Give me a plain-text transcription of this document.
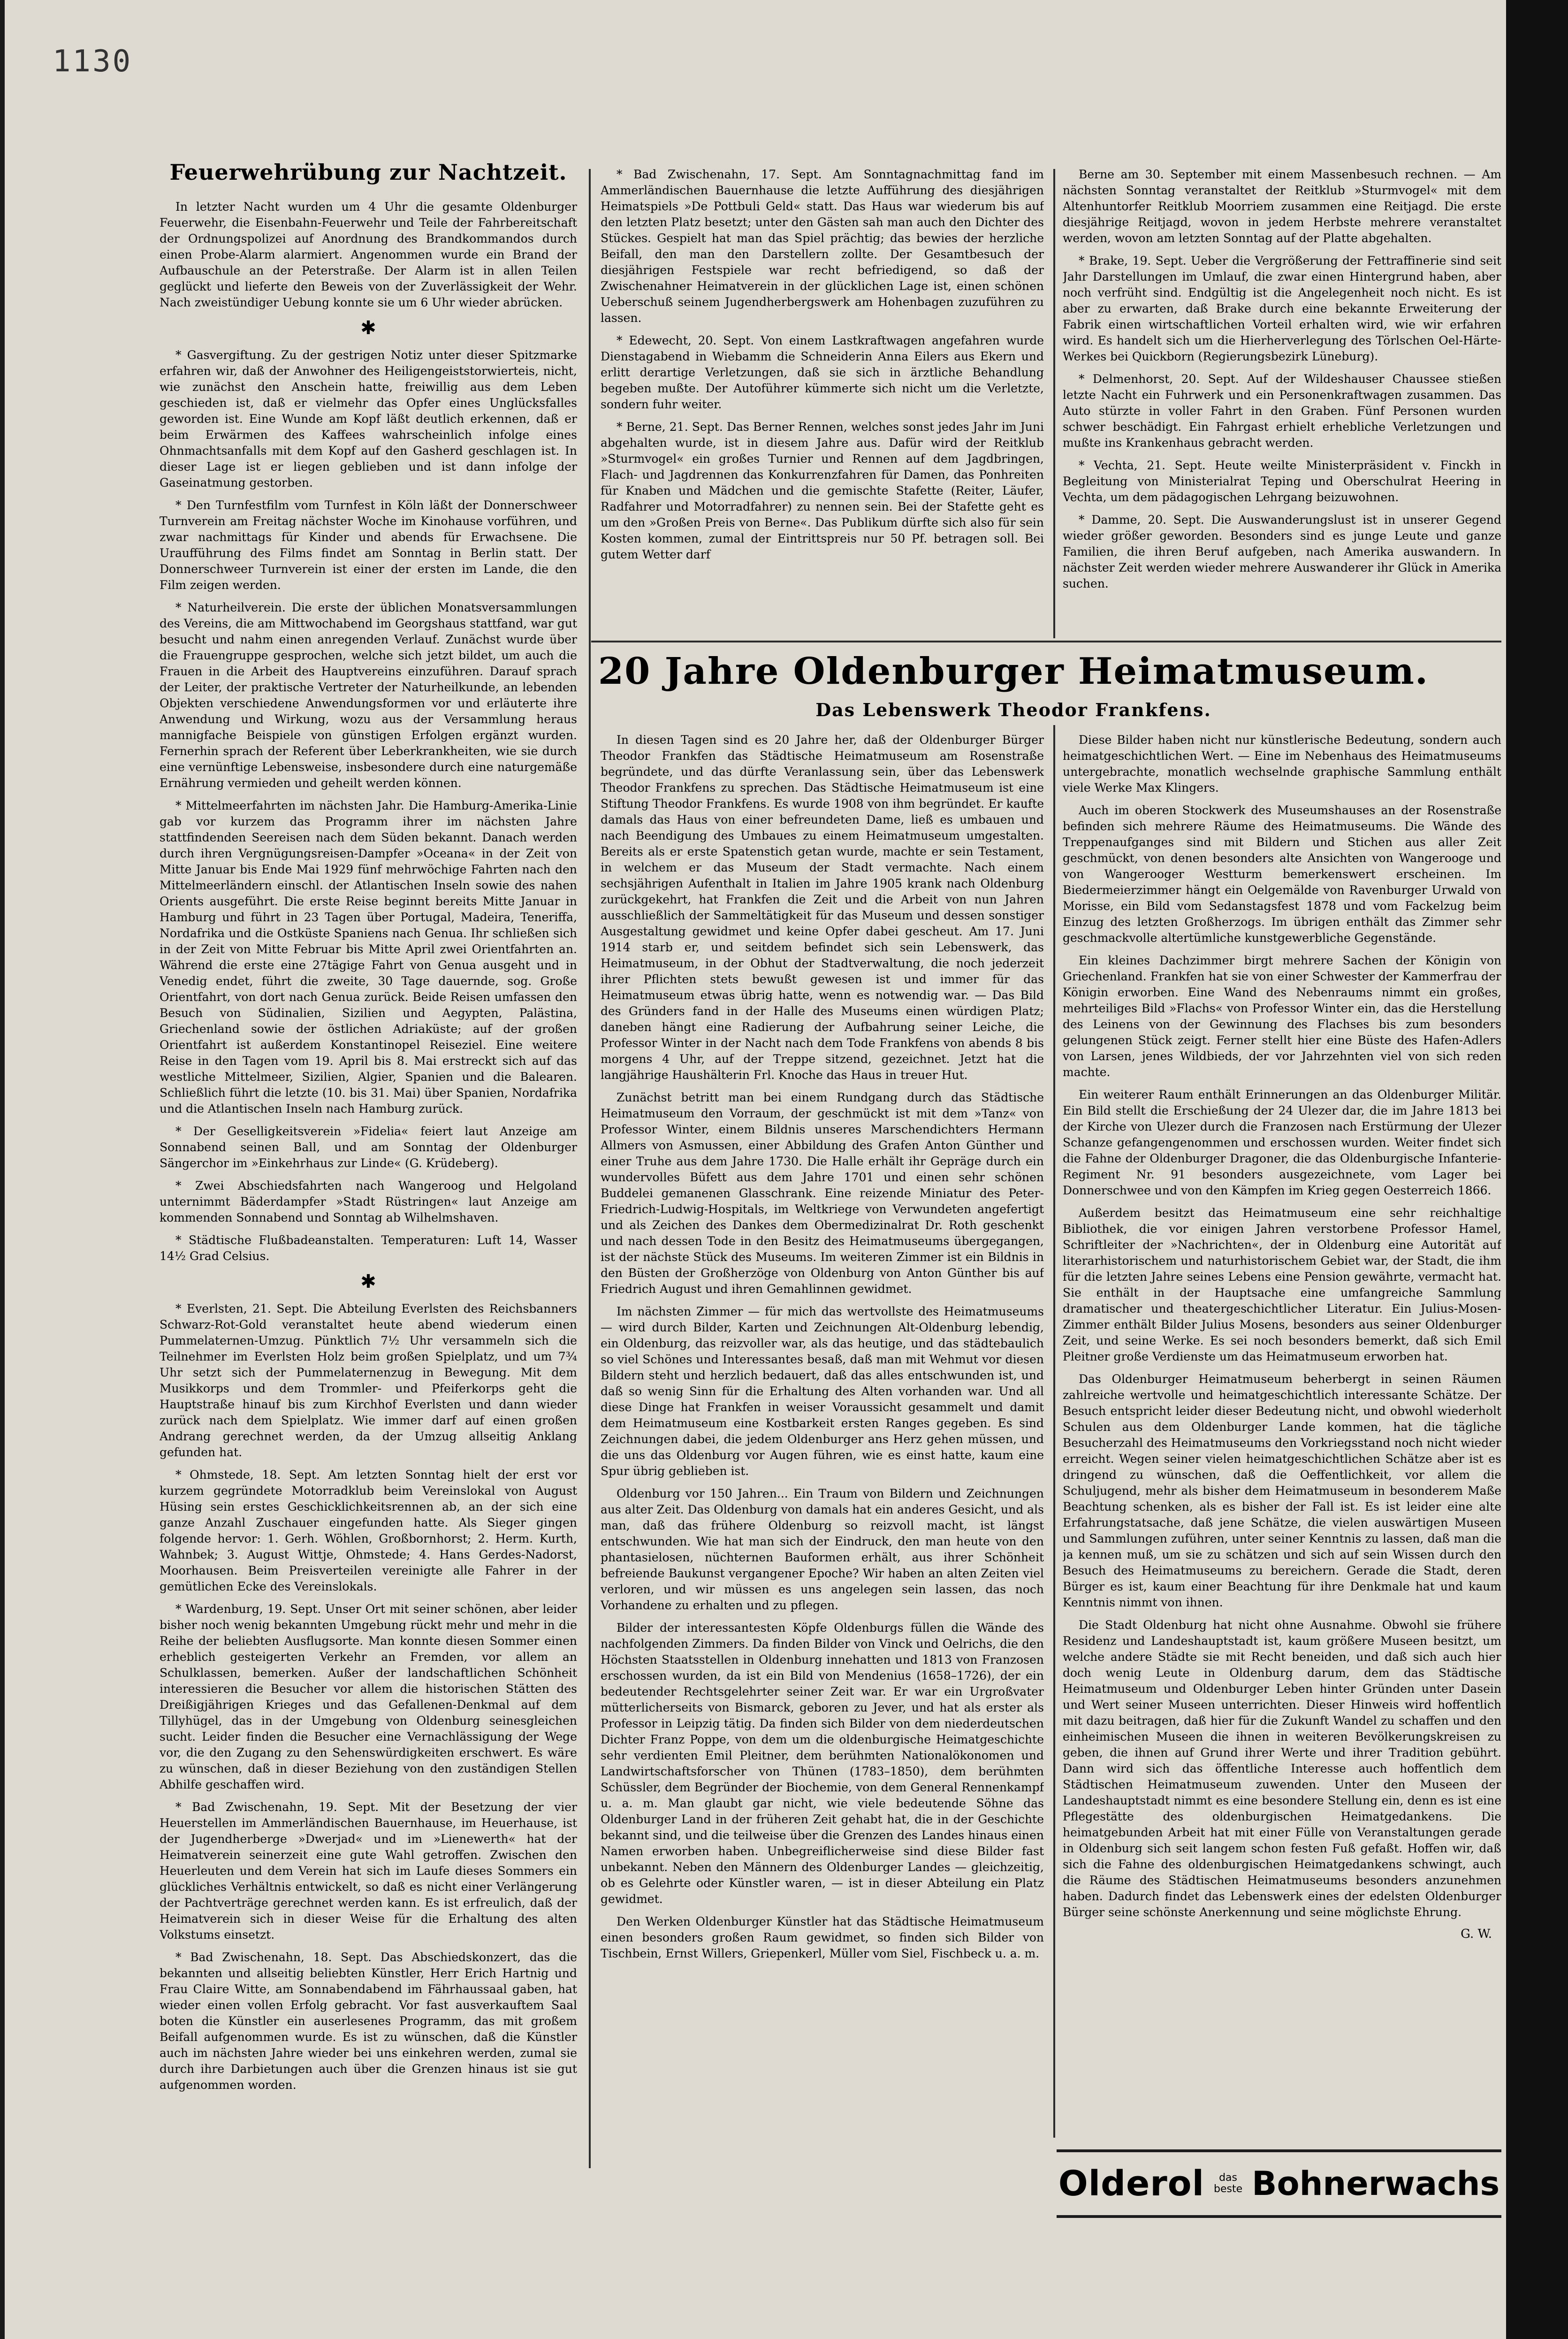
1130
Feuerwehrübung zur Nachtzeit.

In letzter Nacht wurden um 4 Uhr die gesamte Oldenburger Feuerwehr, die Eisenbahn-Feuerwehr und Teile der Fahrbereitschaft der Ordnungspolizei auf Anordnung des Brandkommandos durch einen Probe-Alarm alarmiert. Angenommen wurde ein Brand der Aufbauschule an der Peterstraße. Der Alarm ist in allen Teilen geglückt und lieferte den Beweis von der Zuverlässigkeit der Wehr. Nach zweistündiger Uebung konnte sie um 6 Uhr wieder abrücken.

✱

* Gasvergiftung. Zu der gestrigen Notiz unter dieser Spitzmarke erfahren wir, daß der Anwohner des Heiligengeiststorwierteis, nicht, wie zunächst den Anschein hatte, freiwillig aus dem Leben geschieden ist, daß er vielmehr das Opfer eines Unglücksfalles geworden ist. Eine Wunde am Kopf läßt deutlich erkennen, daß er beim Erwärmen des Kaffees wahrscheinlich infolge eines Ohnmachtsanfalls mit dem Kopf auf den Gasherd geschlagen ist. In dieser Lage ist er liegen geblieben und ist dann infolge der Gaseinatmung gestorben.

* Den Turnfestfilm vom Turnfest in Köln läßt der Donnerschweer Turnverein am Freitag nächster Woche im Kinohause vorführen, und zwar nachmittags für Kinder und abends für Erwachsene. Die Uraufführung des Films findet am Sonntag in Berlin statt. Der Donnerschweer Turnverein ist einer der ersten im Lande, die den Film zeigen werden.

* Naturheilverein. Die erste der üblichen Monatsversammlungen des Vereins, die am Mittwochabend im Georgshaus stattfand, war gut besucht und nahm einen anregenden Verlauf. Zunächst wurde über die Frauengruppe gesprochen, welche sich jetzt bildet, um auch die Frauen in die Arbeit des Hauptvereins einzuführen. Darauf sprach der Leiter, der praktische Vertreter der Naturheilkunde, an lebenden Objekten verschiedene Anwendungsformen vor und erläuterte ihre Anwendung und Wirkung, wozu aus der Versammlung heraus mannigfache Beispiele von günstigen Erfolgen ergänzt wurden. Fernerhin sprach der Referent über Leberkrankheiten, wie sie durch eine vernünftige Lebensweise, insbesondere durch eine naturgemäße Ernährung vermieden und geheilt werden können.

* Mittelmeerfahrten im nächsten Jahr. Die Hamburg-Amerika-Linie gab vor kurzem das Programm ihrer im nächsten Jahre stattfindenden Seereisen nach dem Süden bekannt. Danach werden durch ihren Vergnügungsreisen-Dampfer »Oceana« in der Zeit von Mitte Januar bis Ende Mai 1929 fünf mehrwöchige Fahrten nach den Mittelmeerländern einschl. der Atlantischen Inseln sowie des nahen Orients ausgeführt. Die erste Reise beginnt bereits Mitte Januar in Hamburg und führt in 23 Tagen über Portugal, Madeira, Teneriffa, Nordafrika und die Ostküste Spaniens nach Genua. Ihr schließen sich in der Zeit von Mitte Februar bis Mitte April zwei Orientfahrten an. Während die erste eine 27tägige Fahrt von Genua ausgeht und in Venedig endet, führt die zweite, 30 Tage dauernde, sog. Große Orientfahrt, von dort nach Genua zurück. Beide Reisen umfassen den Besuch von Südinalien, Sizilien und Aegypten, Palästina, Griechenland sowie der östlichen Adriaküste; auf der großen Orientfahrt ist außerdem Konstantinopel Reiseziel. Eine weitere Reise in den Tagen vom 19. April bis 8. Mai erstreckt sich auf das westliche Mittelmeer, Sizilien, Algier, Spanien und die Balearen. Schließlich führt die letzte (10. bis 31. Mai) über Spanien, Nordafrika und die Atlantischen Inseln nach Hamburg zurück.

* Der Geselligkeitsverein »Fidelia« feiert laut Anzeige am Sonnabend seinen Ball, und am Sonntag der Oldenburger Sängerchor im »Einkehrhaus zur Linde« (G. Krüdeberg).

* Zwei Abschiedsfahrten nach Wangeroog und Helgoland unternimmt Bäderdampfer »Stadt Rüstringen« laut Anzeige am kommenden Sonnabend und Sonntag ab Wilhelmshaven.

* Städtische Flußbadeanstalten. Temperaturen: Luft 14, Wasser 14½ Grad Celsius.

✱

* Everlsten, 21. Sept. Die Abteilung Everlsten des Reichsbanners Schwarz-Rot-Gold veranstaltet heute abend wiederum einen Pummelaternen-Umzug. Pünktlich 7½ Uhr versammeln sich die Teilnehmer im Everlsten Holz beim großen Spielplatz, und um 7¾ Uhr setzt sich der Pummelaternenzug in Bewegung. Mit dem Musikkorps und dem Trommler- und Pfeiferkorps geht die Hauptstraße hinauf bis zum Kirchhof Everlsten und dann wieder zurück nach dem Spielplatz. Wie immer darf auf einen großen Andrang gerechnet werden, da der Umzug allseitig Anklang gefunden hat.

* Ohmstede, 18. Sept. Am letzten Sonntag hielt der erst vor kurzem gegründete Motorradklub beim Vereinslokal von August Hüsing sein erstes Geschicklichkeitsrennen ab, an der sich eine ganze Anzahl Zuschauer eingefunden hatte. Als Sieger gingen folgende hervor: 1. Gerh. Wöhlen, Großbornhorst; 2. Herm. Kurth, Wahnbek; 3. August Wittje, Ohmstede; 4. Hans Gerdes-Nadorst, Moorhausen. Beim Preisverteilen vereinigte alle Fahrer in der gemütlichen Ecke des Vereinslokals.

* Wardenburg, 19. Sept. Unser Ort mit seiner schönen, aber leider bisher noch wenig bekannten Umgebung rückt mehr und mehr in die Reihe der beliebten Ausflugsorte. Man konnte diesen Sommer einen erheblich gesteigerten Verkehr an Fremden, vor allem an Schulklassen, bemerken. Außer der landschaftlichen Schönheit interessieren die Besucher vor allem die historischen Stätten des Dreißigjährigen Krieges und das Gefallenen-Denkmal auf dem Tillyhügel, das in der Umgebung von Oldenburg seinesgleichen sucht. Leider finden die Besucher eine Vernachlässigung der Wege vor, die den Zugang zu den Sehenswürdigkeiten erschwert. Es wäre zu wünschen, daß in dieser Beziehung von den zuständigen Stellen Abhilfe geschaffen wird.

* Bad Zwischenahn, 19. Sept. Mit der Besetzung der vier Heuerstellen im Ammerländischen Bauernhause, im Heuerhause, ist der Jugendherberge »Dwerjad« und im »Lienewerth« hat der Heimatverein seinerzeit eine gute Wahl getroffen. Zwischen den Heuerleuten und dem Verein hat sich im Laufe dieses Sommers ein glückliches Verhältnis entwickelt, so daß es nicht einer Verlängerung der Pachtverträge gerechnet werden kann. Es ist erfreulich, daß der Heimatverein sich in dieser Weise für die Erhaltung des alten Volkstums einsetzt.

* Bad Zwischenahn, 18. Sept. Das Abschiedskonzert, das die bekannten und allseitig beliebten Künstler, Herr Erich Hartnig und Frau Claire Witte, am Sonnabendabend im Fährhaussaal gaben, hat wieder einen vollen Erfolg gebracht. Vor fast ausverkauftem Saal boten die Künstler ein auserlesenes Programm, das mit großem Beifall aufgenommen wurde. Es ist zu wünschen, daß die Künstler auch im nächsten Jahre wieder bei uns einkehren werden, zumal sie durch ihre Darbietungen auch über die Grenzen hinaus ist sie gut aufgenommen worden.

* Bad Zwischenahn, 17. Sept. Am Sonntagnachmittag fand im Ammerländischen Bauernhause die letzte Aufführung des diesjährigen Heimatspiels »De Pottbuli Geld« statt. Das Haus war wiederum bis auf den letzten Platz besetzt; unter den Gästen sah man auch den Dichter des Stückes. Gespielt hat man das Spiel prächtig; das bewies der herzliche Beifall, den man den Darstellern zollte. Der Gesamtbesuch der diesjährigen Festspiele war recht befriedigend, so daß der Zwischenahner Heimatverein in der glücklichen Lage ist, einen schönen Ueberschuß seinem Jugendherbergswerk am Hohenbagen zuzuführen zu lassen.

* Edewecht, 20. Sept. Von einem Lastkraftwagen angefahren wurde Dienstagabend in Wiebamm die Schneiderin Anna Eilers aus Ekern und erlitt derartige Verletzungen, daß sie sich in ärztliche Behandlung begeben mußte. Der Autoführer kümmerte sich nicht um die Verletzte, sondern fuhr weiter.

* Berne, 21. Sept. Das Berner Rennen, welches sonst jedes Jahr im Juni abgehalten wurde, ist in diesem Jahre aus. Dafür wird der Reitklub »Sturmvogel« ein großes Turnier und Rennen auf dem Jagdbringen, Flach- und Jagdrennen das Konkurrenzfahren für Damen, das Ponhreiten für Knaben und Mädchen und die gemischte Stafette (Reiter, Läufer, Radfahrer und Motorradfahrer) zu nennen sein. Bei der Stafette geht es um den »Großen Preis von Berne«. Das Publikum dürfte sich also für sein Kosten kommen, zumal der Eintrittspreis nur 50 Pf. betragen soll. Bei gutem Wetter darf

Berne am 30. September mit einem Massenbesuch rechnen. — Am nächsten Sonntag veranstaltet der Reitklub »Sturmvogel« mit dem Altenhuntorfer Reitklub Moorriem zusammen eine Reitjagd. Die erste diesjährige Reitjagd, wovon in jedem Herbste mehrere veranstaltet werden, wovon am letzten Sonntag auf der Platte abgehalten.

* Brake, 19. Sept. Ueber die Vergrößerung der Fettraffinerie sind seit Jahr Darstellungen im Umlauf, die zwar einen Hintergrund haben, aber noch verfrüht sind. Endgültig ist die Angelegenheit noch nicht. Es ist aber zu erwarten, daß Brake durch eine bekannte Erweiterung der Fabrik einen wirtschaftlichen Vorteil erhalten wird, wie wir erfahren wird. Es handelt sich um die Hierherverlegung des Törlschen Oel-Härte-Werkes bei Quickborn (Regierungsbezirk Lüneburg).

* Delmenhorst, 20. Sept. Auf der Wildeshauser Chaussee stießen letzte Nacht ein Fuhrwerk und ein Personenkraftwagen zusammen. Das Auto stürzte in voller Fahrt in den Graben. Fünf Personen wurden schwer beschädigt. Ein Fahrgast erhielt erhebliche Verletzungen und mußte ins Krankenhaus gebracht werden.

* Vechta, 21. Sept. Heute weilte Ministerpräsident v. Finckh in Begleitung von Ministerialrat Teping und Oberschulrat Heering in Vechta, um dem pädagogischen Lehrgang beizuwohnen.

* Damme, 20. Sept. Die Auswanderungslust ist in unserer Gegend wieder größer geworden. Besonders sind es junge Leute und ganze Familien, die ihren Beruf aufgeben, nach Amerika auswandern. In nächster Zeit werden wieder mehrere Auswanderer ihr Glück in Amerika suchen.

20 Jahre Oldenburger Heimatmuseum.
Das Lebenswerk Theodor Frankfens.

In diesen Tagen sind es 20 Jahre her, daß der Oldenburger Bürger Theodor Frankfen das Städtische Heimatmuseum am Rosenstraße begründete, und das dürfte Veranlassung sein, über das Lebenswerk Theodor Frankfens zu sprechen. Das Städtische Heimatmuseum ist eine Stiftung Theodor Frankfens. Es wurde 1908 von ihm begründet. Er kaufte damals das Haus von einer befreundeten Dame, ließ es umbauen und nach Beendigung des Umbaues zu einem Heimatmuseum umgestalten. Bereits als er erste Spatenstich getan wurde, machte er sein Testament, in welchem er das Museum der Stadt vermachte. Nach einem sechsjährigen Aufenthalt in Italien im Jahre 1905 krank nach Oldenburg zurückgekehrt, hat Frankfen die Zeit und die Arbeit von nun Jahren ausschließlich der Sammeltätigkeit für das Museum und dessen sonstiger Ausgestaltung gewidmet und keine Opfer dabei gescheut. Am 17. Juni 1914 starb er, und seitdem befindet sich sein Lebenswerk, das Heimatmuseum, in der Obhut der Stadtverwaltung, die noch jederzeit ihrer Pflichten stets bewußt gewesen ist und immer für das Heimatmuseum etwas übrig hatte, wenn es notwendig war. — Das Bild des Gründers fand in der Halle des Museums einen würdigen Platz; daneben hängt eine Radierung der Aufbahrung seiner Leiche, die Professor Winter in der Nacht nach dem Tode Frankfens von abends 8 bis morgens 4 Uhr, auf der Treppe sitzend, gezeichnet. Jetzt hat die langjährige Haushälterin Frl. Knoche das Haus in treuer Hut.

Zunächst betritt man bei einem Rundgang durch das Städtische Heimatmuseum den Vorraum, der geschmückt ist mit dem »Tanz« von Professor Winter, einem Bildnis unseres Marschendichters Hermann Allmers von Asmussen, einer Abbildung des Grafen Anton Günther und einer Truhe aus dem Jahre 1730. Die Halle erhält ihr Gepräge durch ein wundervolles Büfett aus dem Jahre 1701 und einen sehr schönen Buddelei gemanenen Glasschrank. Eine reizende Miniatur des Peter-Friedrich-Ludwig-Hospitals, im Weltkriege von Verwundeten angefertigt und als Zeichen des Dankes dem Obermedizinalrat Dr. Roth geschenkt und nach dessen Tode in den Besitz des Heimatmuseums übergegangen, ist der nächste Stück des Museums. Im weiteren Zimmer ist ein Bildnis in den Büsten der Großherzöge von Oldenburg von Anton Günther bis auf Friedrich August und ihren Gemahlinnen gewidmet.

Im nächsten Zimmer — für mich das wertvollste des Heimatmuseums — wird durch Bilder, Karten und Zeichnungen Alt-Oldenburg lebendig, ein Oldenburg, das reizvoller war, als das heutige, und das städtebaulich so viel Schönes und Interessantes besaß, daß man mit Wehmut vor diesen Bildern steht und herzlich bedauert, daß das alles entschwunden ist, und daß so wenig Sinn für die Erhaltung des Alten vorhanden war. Und all diese Dinge hat Frankfen in weiser Voraussicht gesammelt und damit dem Heimatmuseum eine Kostbarkeit ersten Ranges gegeben. Es sind Zeichnungen dabei, die jedem Oldenburger ans Herz gehen müssen, und die uns das Oldenburg vor Augen führen, wie es einst hatte, kaum eine Spur übrig geblieben ist.

Oldenburg vor 150 Jahren... Ein Traum von Bildern und Zeichnungen aus alter Zeit. Das Oldenburg von damals hat ein anderes Gesicht, und als man, daß das frühere Oldenburg so reizvoll macht, ist längst entschwunden. Wie hat man sich der Eindruck, den man heute von den phantasielosen, nüchternen Bauformen erhält, aus ihrer Schönheit befreiende Baukunst vergangener Epoche? Wir haben an alten Zeiten viel verloren, und wir müssen es uns angelegen sein lassen, das noch Vorhandene zu erhalten und zu pflegen.

Bilder der interessantesten Köpfe Oldenburgs füllen die Wände des nachfolgenden Zimmers. Da finden Bilder von Vinck und Oelrichs, die den Höchsten Staatsstellen in Oldenburg innehatten und 1813 von Franzosen erschossen wurden, da ist ein Bild von Mendenius (1658–1726), der ein bedeutender Rechtsgelehrter seiner Zeit war. Er war ein Urgroßvater mütterlicherseits von Bismarck, geboren zu Jever, und hat als erster als Professor in Leipzig tätig. Da finden sich Bilder von dem niederdeutschen Dichter Franz Poppe, von dem um die oldenburgische Heimatgeschichte sehr verdienten Emil Pleitner, dem berühmten Nationalökonomen und Landwirtschaftsforscher von Thünen (1783–1850), dem berühmten Schüssler, dem Begründer der Biochemie, von dem General Rennenkampf u. a. m. Man glaubt gar nicht, wie viele bedeutende Söhne das Oldenburger Land in der früheren Zeit gehabt hat, die in der Geschichte bekannt sind, und die teilweise über die Grenzen des Landes hinaus einen Namen erworben haben. Unbegreiflicherweise sind diese Bilder fast unbekannt. Neben den Männern des Oldenburger Landes — gleichzeitig, ob es Gelehrte oder Künstler waren, — ist in dieser Abteilung ein Platz gewidmet.

Den Werken Oldenburger Künstler hat das Städtische Heimatmuseum einen besonders großen Raum gewidmet, so finden sich Bilder von Tischbein, Ernst Willers, Griepenkerl, Müller vom Siel, Fischbeck u. a. m.

Diese Bilder haben nicht nur künstlerische Bedeutung, sondern auch heimatgeschichtlichen Wert. — Eine im Nebenhaus des Heimatmuseums untergebrachte, monatlich wechselnde graphische Sammlung enthält viele Werke Max Klingers.

Auch im oberen Stockwerk des Museumshauses an der Rosenstraße befinden sich mehrere Räume des Heimatmuseums. Die Wände des Treppenaufganges sind mit Bildern und Stichen aus aller Zeit geschmückt, von denen besonders alte Ansichten von Wangerooge und von Wangerooger Westturm bemerkenswert erscheinen. Im Biedermeierzimmer hängt ein Oelgemälde von Ravenburger Urwald von Morisse, ein Bild vom Sedanstagsfest 1878 und vom Fackelzug beim Einzug des letzten Großherzogs. Im übrigen enthält das Zimmer sehr geschmackvolle altertümliche kunstgewerbliche Gegenstände.

Ein kleines Dachzimmer birgt mehrere Sachen der Königin von Griechenland. Frankfen hat sie von einer Schwester der Kammerfrau der Königin erworben. Eine Wand des Nebenraums nimmt ein großes, mehrteiliges Bild »Flachs« von Professor Winter ein, das die Herstellung des Leinens von der Gewinnung des Flachses bis zum besonders gelungenen Stück zeigt. Ferner stellt hier eine Büste des Hafen-Adlers von Larsen, jenes Wildbieds, der vor Jahrzehnten viel von sich reden machte.

Ein weiterer Raum enthält Erinnerungen an das Oldenburger Militär. Ein Bild stellt die Erschießung der 24 Ulezer dar, die im Jahre 1813 bei der Kirche von Ulezer durch die Franzosen nach Erstürmung der Ulezer Schanze gefangengenommen und erschossen wurden. Weiter findet sich die Fahne der Oldenburger Dragoner, die das Oldenburgische Infanterie-Regiment Nr. 91 besonders ausgezeichnete, vom Lager bei Donnerschwee und von den Kämpfen im Krieg gegen Oesterreich 1866.

Außerdem besitzt das Heimatmuseum eine sehr reichhaltige Bibliothek, die vor einigen Jahren verstorbene Professor Hamel, Schriftleiter der »Nachrichten«, der in Oldenburg eine Autorität auf literarhistorischem und naturhistorischem Gebiet war, der Stadt, die ihm für die letzten Jahre seines Lebens eine Pension gewährte, vermacht hat. Sie enthält in der Hauptsache eine umfangreiche Sammlung dramatischer und theatergeschichtlicher Literatur. Ein Julius-Mosen-Zimmer enthält Bilder Julius Mosens, besonders aus seiner Oldenburger Zeit, und seine Werke. Es sei noch besonders bemerkt, daß sich Emil Pleitner große Verdienste um das Heimatmuseum erworben hat.

Das Oldenburger Heimatmuseum beherbergt in seinen Räumen zahlreiche wertvolle und heimatgeschichtlich interessante Schätze. Der Besuch entspricht leider dieser Bedeutung nicht, und obwohl wiederholt Schulen aus dem Oldenburger Lande kommen, hat die tägliche Besucherzahl des Heimatmuseums den Vorkriegsstand noch nicht wieder erreicht. Wegen seiner vielen heimatgeschichtlichen Schätze aber ist es dringend zu wünschen, daß die Oeffentlichkeit, vor allem die Schuljugend, mehr als bisher dem Heimatmuseum in besonderem Maße Beachtung schenken, als es bisher der Fall ist. Es ist leider eine alte Erfahrungstatsache, daß jene Schätze, die vielen auswärtigen Museen und Sammlungen zuführen, unter seiner Kenntnis zu lassen, daß man die ja kennen muß, um sie zu schätzen und sich auf sein Wissen durch den Besuch des Heimatmuseums zu bereichern. Gerade die Stadt, deren Bürger es ist, kaum einer Beachtung für ihre Denkmale hat und kaum Kenntnis nimmt von ihnen.

Die Stadt Oldenburg hat nicht ohne Ausnahme. Obwohl sie frühere Residenz und Landeshauptstadt ist, kaum größere Museen besitzt, um welche andere Städte sie mit Recht beneiden, und daß sich auch hier doch wenig Leute in Oldenburg darum, dem das Städtische Heimatmuseum und Oldenburger Leben hinter Gründen unter Dasein und Wert seiner Museen unterrichten. Dieser Hinweis wird hoffentlich mit dazu beitragen, daß hier für die Zukunft Wandel zu schaffen und den einheimischen Museen die ihnen in weiteren Bevölkerungskreisen zu geben, die ihnen auf Grund ihrer Werte und ihrer Tradition gebührt. Dann wird sich das öffentliche Interesse auch hoffentlich dem Städtischen Heimatmuseum zuwenden. Unter den Museen der Landeshauptstadt nimmt es eine besondere Stellung ein, denn es ist eine Pflegestätte des oldenburgischen Heimatgedankens. Die heimatgebunden Arbeit hat mit einer Fülle von Veranstaltungen gerade in Oldenburg sich seit langem schon festen Fuß gefaßt. Hoffen wir, daß sich die Fahne des oldenburgischen Heimatgedankens schwingt, auch die Räume des Städtischen Heimatmuseums besonders anzunehmen haben. Dadurch findet das Lebenswerk eines der edelsten Oldenburger Bürger seine schönste Anerkennung und seine möglichste Ehrung.

G. W.
Olderol	das
beste Bohnerwachs
